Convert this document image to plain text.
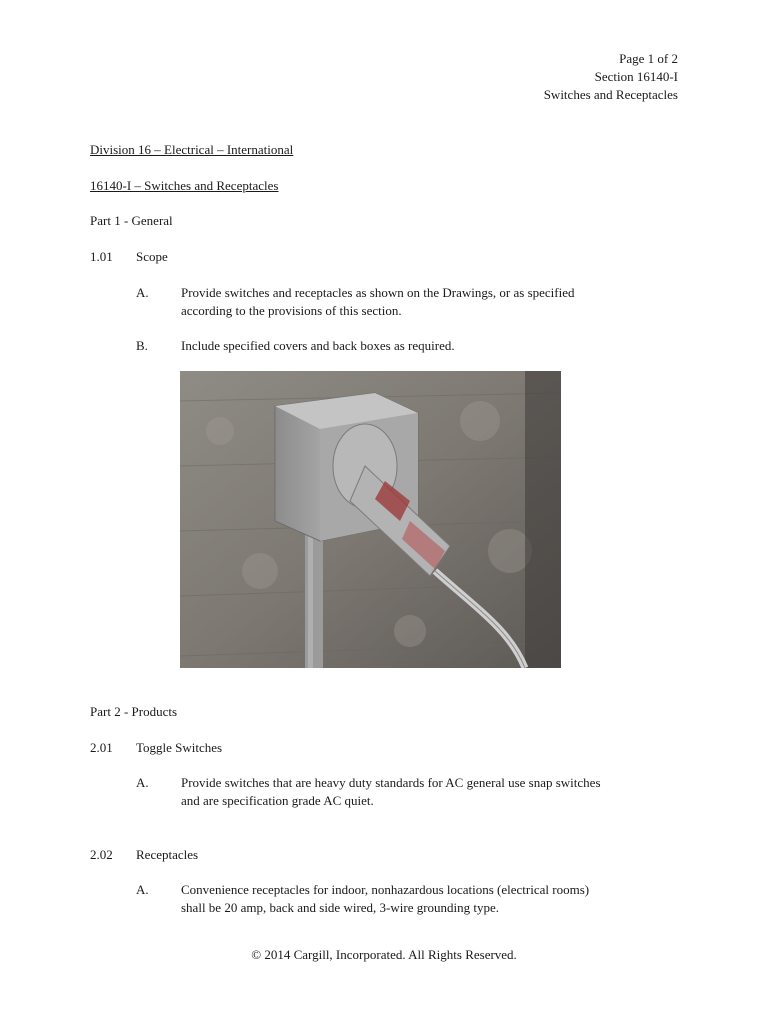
Page 1 of 2
Section 16140-I
Switches and Receptacles
Division 16 – Electrical – International
16140-I – Switches and Receptacles
Part 1 - General
1.01 Scope
A. Provide switches and receptacles as shown on the Drawings, or as specified
according to the provisions of this section.
B.	Include specified covers and back boxes as required.
Part 2 - Products
2.01 Toggle Switches
A. Provide switches that are heavy duty standards for AC general use snap switches
and are specification grade AC quiet.
2.02 Receptacles
A. Convenience receptacles for indoor, nonhazardous locations (electrical rooms)
shall be 20 amp, back and side wired, 3-wire grounding type.
© 2014 Cargill, Incorporated. All Rights Reserved.
